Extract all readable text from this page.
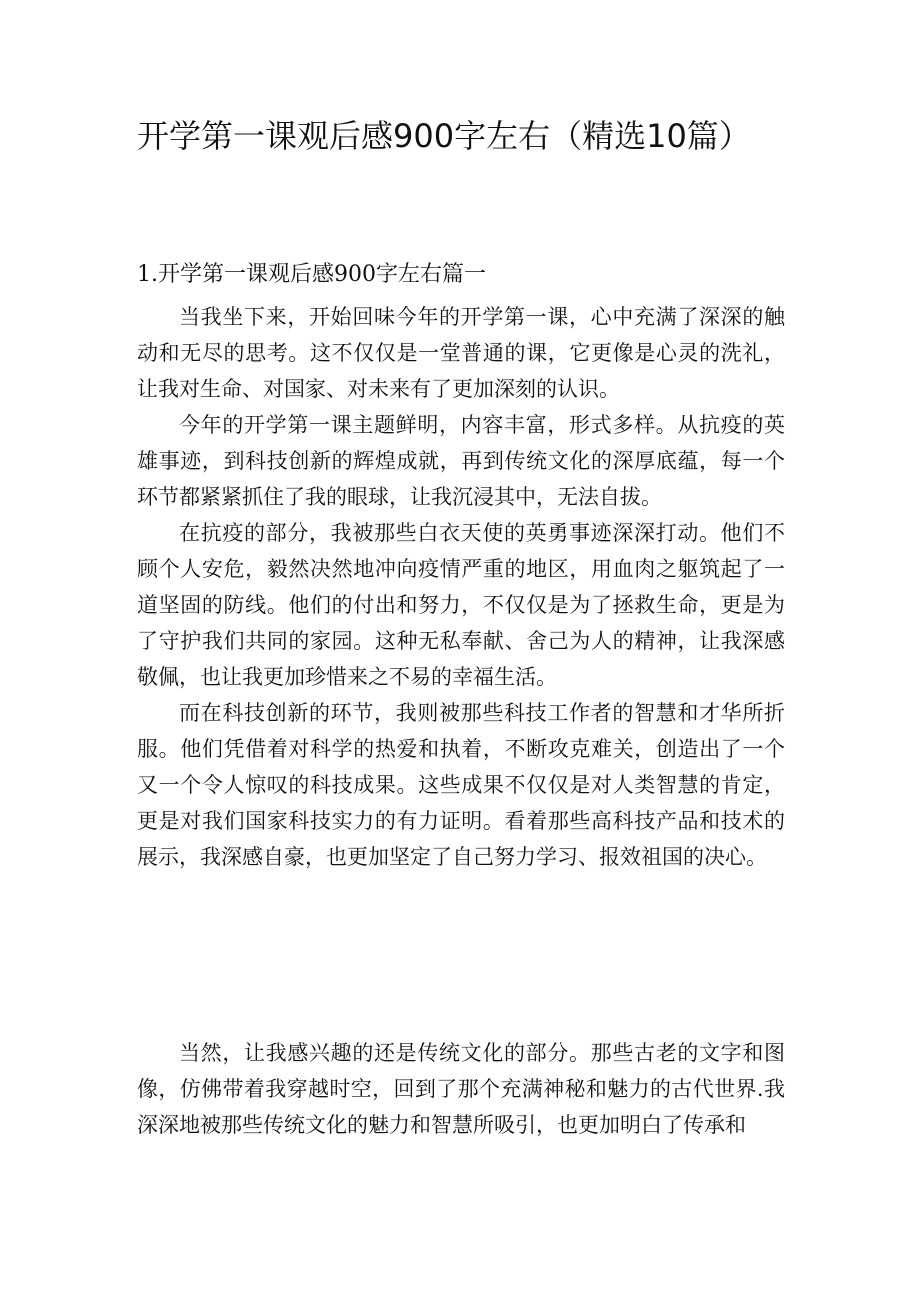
开学第一课观后感900字左右（精选10篇）
1.开学第一课观后感900字左右篇一

当我坐下来，开始回味今年的开学第一课，心中充满了深深的触动和无尽的思考。这不仅仅是一堂普通的课，它更像是心灵的洗礼，让我对生命、对国家、对未来有了更加深刻的认识。

今年的开学第一课主题鲜明，内容丰富，形式多样。从抗疫的英雄事迹，到科技创新的辉煌成就，再到传统文化的深厚底蕴，每一个环节都紧紧抓住了我的眼球，让我沉浸其中，无法自拔。

在抗疫的部分，我被那些白衣天使的英勇事迹深深打动。他们不顾个人安危，毅然决然地冲向疫情严重的地区，用血肉之躯筑起了一道坚固的防线。他们的付出和努力，不仅仅是为了拯救生命，更是为了守护我们共同的家园。这种无私奉献、舍己为人的精神，让我深感敬佩，也让我更加珍惜来之不易的幸福生活。

而在科技创新的环节，我则被那些科技工作者的智慧和才华所折服。他们凭借着对科学的热爱和执着，不断攻克难关，创造出了一个又一个令人惊叹的科技成果。这些成果不仅仅是对人类智慧的肯定，更是对我们国家科技实力的有力证明。看着那些高科技产品和技术的展示，我深感自豪，也更加坚定了自己努力学习、报效祖国的决心。

当然，让我感兴趣的还是传统文化的部分。那些古老的文字和图像，仿佛带着我穿越时空，回到了那个充满神秘和魅力的古代世界.我深深地被那些传统文化的魅力和智慧所吸引，也更加明白了传承和
